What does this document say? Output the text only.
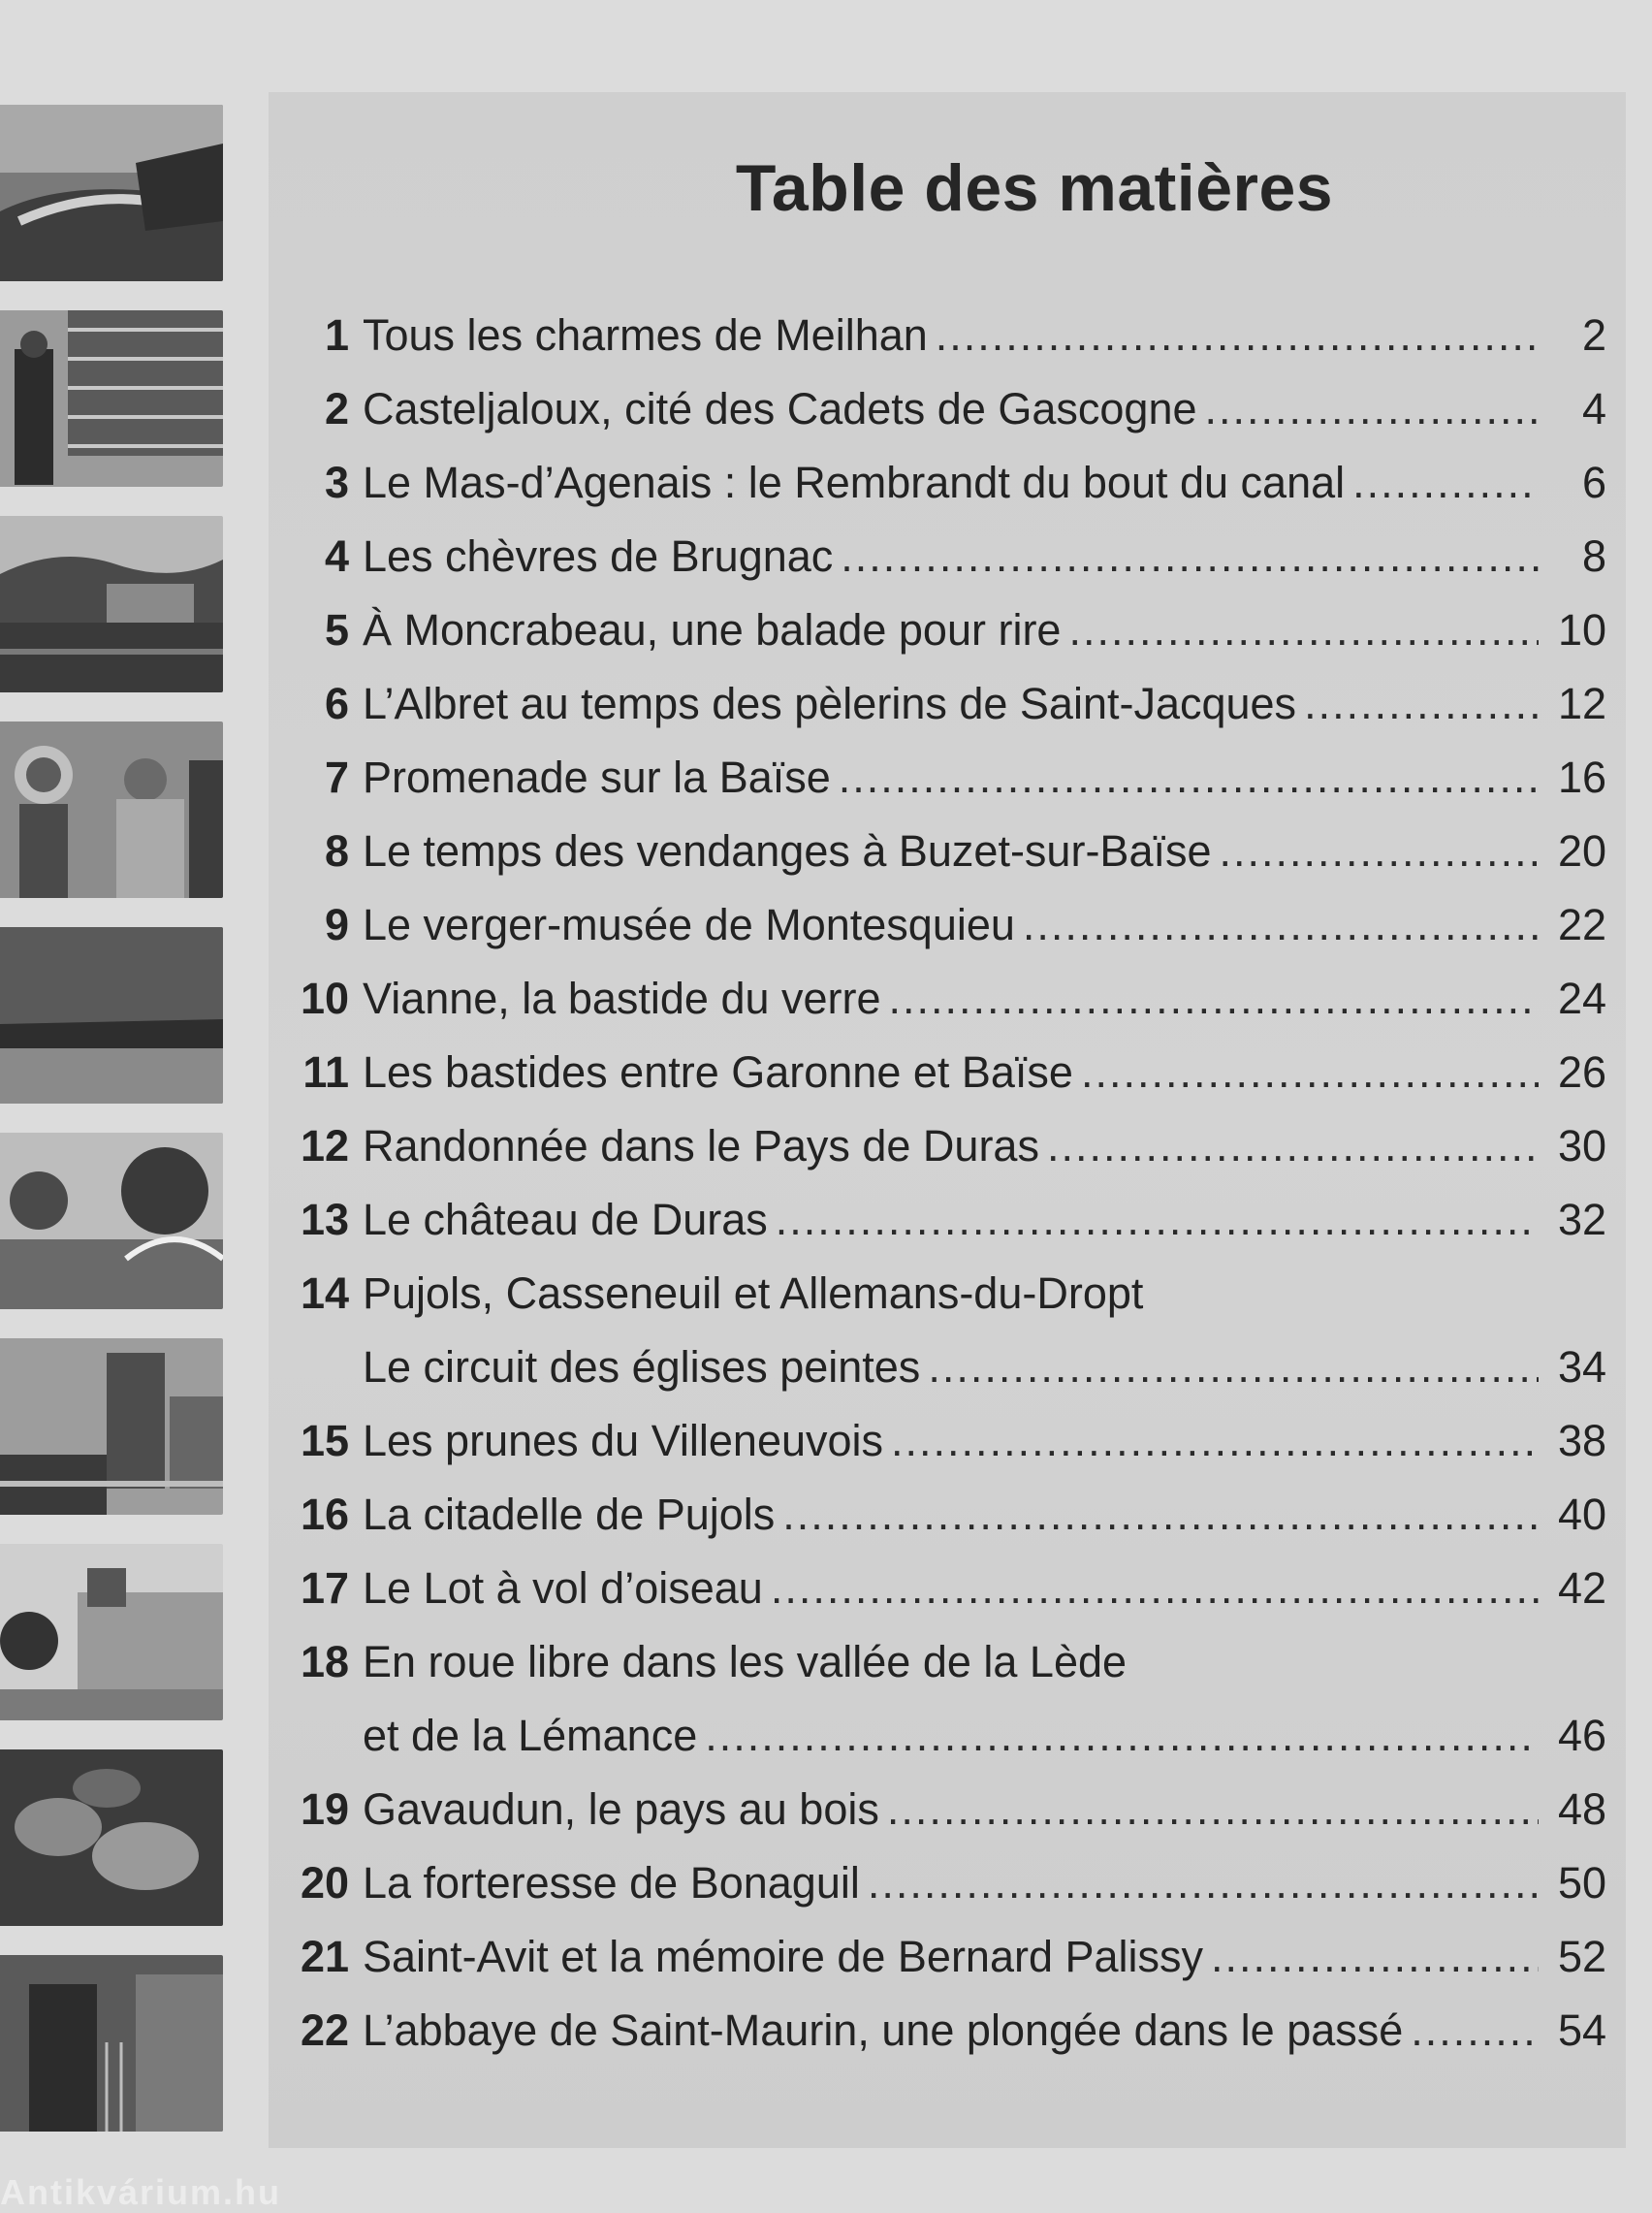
Table des matières
1 Tous les charmes de Meilhan .....	2
2 Casteljaloux, cité des Cadets de Gascogne .....	4
3 Le Mas-d’Agenais : le Rembrandt du bout du canal .....	6
4 Les chèvres de Brugnac .....	8
5 À Moncrabeau, une balade pour rire .....	10
6 L’Albret au temps des pèlerins de Saint-Jacques .....	12
7 Promenade sur la Baïse .....	16
8 Le temps des vendanges à Buzet-sur-Baïse .....	20
9 Le verger-musée de Montesquieu .....	22
10 Vianne, la bastide du verre .....	24
11 Les bastides entre Garonne et Baïse .....	26
12 Randonnée dans le Pays de Duras .....	30
13 Le château de Duras .....	32
14 Pujols, Casseneuil et Allemans-du-Dropt
Le circuit des églises peintes .....	34
15 Les prunes du Villeneuvois .....	38
16 La citadelle de Pujols .....	40
17 Le Lot à vol d’oiseau .....	42
18 En roue libre dans les vallée de la Lède
et de la Lémance .....	46
19 Gavaudun, le pays au bois .....	48
20 La forteresse de Bonaguil .....	50
21 Saint-Avit et la mémoire de Bernard Palissy .....	52
22 L’abbaye de Saint-Maurin, une plongée dans le passé .....	54
Antikvárium.hu
